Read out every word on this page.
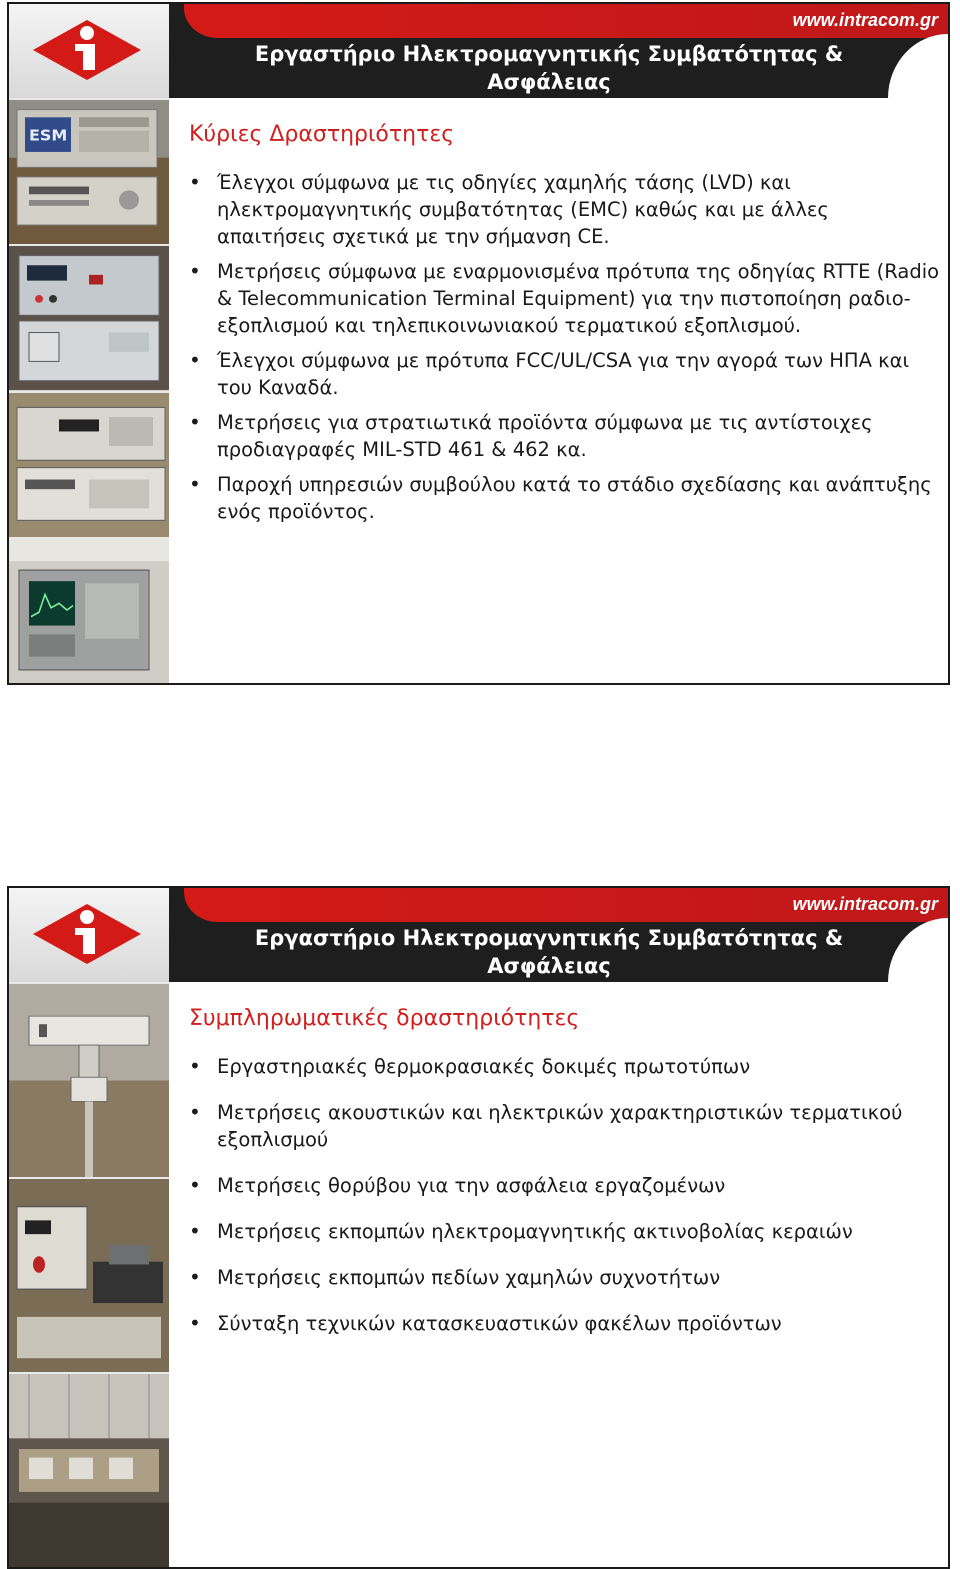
www.intracom.gr
Εργαστήριο Ηλεκτρομαγνητικής Συμβατότητας & Ασφάλειας
- Δραστηριότητες
ESM	Κύριες Δραστηριότητες
• Έλεγχοι σύμφωνα με τις οδηγίες χαμηλής τάσης (LVD) και ηλεκτρομαγνητικής συμβατότητας (EMC) καθώς και με άλλες απαιτήσεις σχετικά με την σήμανση CE.
• Μετρήσεις σύμφωνα με εναρμονισμένα πρότυπα της οδηγίας RTTE (Radio & Telecommunication Terminal Equipment) για την πιστοποίηση ραδιο-εξοπλισμού και τηλεπικοινωνιακού τερματικού εξοπλισμού.
• Έλεγχοι σύμφωνα με πρότυπα FCC/UL/CSA για την αγορά των ΗΠΑ και του Καναδά.
• Μετρήσεις για στρατιωτικά προϊόντα σύμφωνα με τις αντίστοιχες προδιαγραφές MIL-STD 461 & 462 κα.
• Παροχή υπηρεσιών συμβούλου κατά το στάδιο σχεδίασης και ανάπτυξης ενός προϊόντος.
www.intracom.gr
Εργαστήριο Ηλεκτρομαγνητικής Συμβατότητας & Ασφάλειας
- Δραστηριότητες
Συμπληρωματικές δραστηριότητες
• Εργαστηριακές θερμοκρασιακές δοκιμές πρωτοτύπων
• Μετρήσεις ακουστικών και ηλεκτρικών χαρακτηριστικών τερματικού εξοπλισμού
• Μετρήσεις θορύβου για την ασφάλεια εργαζομένων
• Μετρήσεις εκπομπών ηλεκτρομαγνητικής ακτινοβολίας κεραιών
• Μετρήσεις εκπομπών πεδίων χαμηλών συχνοτήτων
• Σύνταξη τεχνικών κατασκευαστικών φακέλων προϊόντων
